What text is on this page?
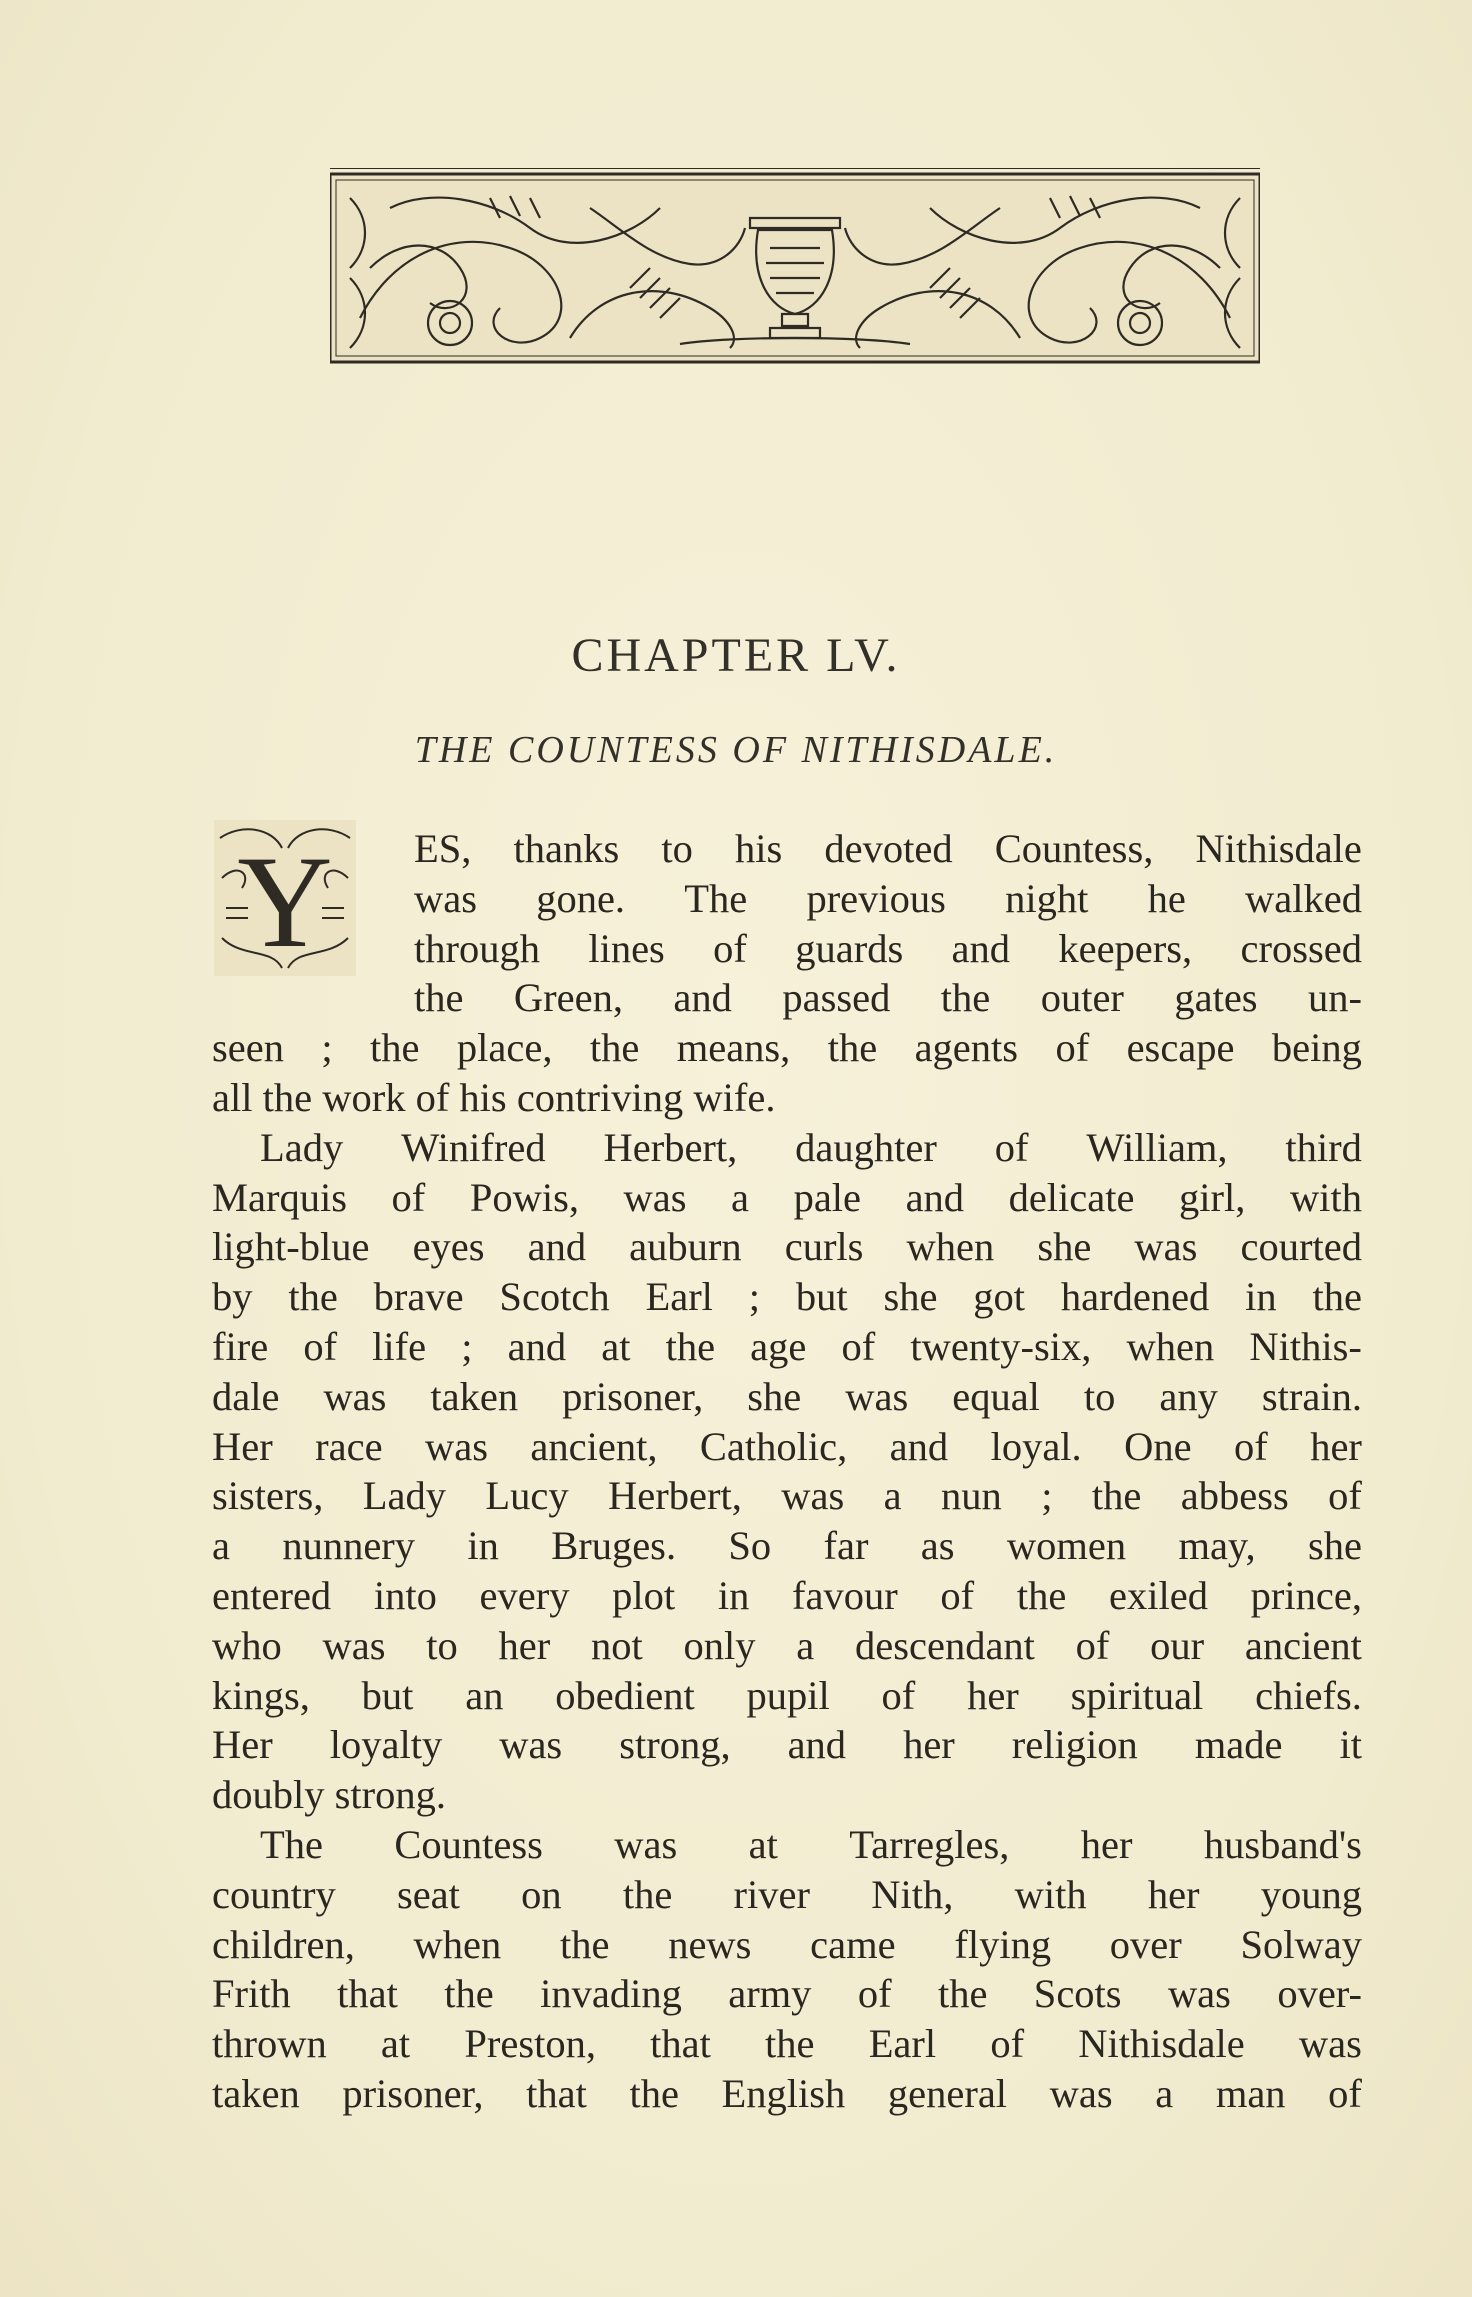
CHAPTER LV.
THE COUNTESS OF NITHISDALE.
Y ES, thanks to his devoted Countess, Nithisdale
was gone. The previous night he walked
through lines of guards and keepers, crossed
the Green, and passed the outer gates un-
seen ; the place, the means, the agents of escape being
all the work of his contriving wife.
Lady Winifred Herbert, daughter of William, third
Marquis of Powis, was a pale and delicate girl, with
light-blue eyes and auburn curls when she was courted
by the brave Scotch Earl ; but she got hardened in the
fire of life ; and at the age of twenty-six, when Nithis-
dale was taken prisoner, she was equal to any strain.
Her race was ancient, Catholic, and loyal. One of her
sisters, Lady Lucy Herbert, was a nun ; the abbess of
a nunnery in Bruges. So far as women may, she
entered into every plot in favour of the exiled prince,
who was to her not only a descendant of our ancient
kings, but an obedient pupil of her spiritual chiefs.
Her loyalty was strong, and her religion made it
doubly strong.
The Countess was at Tarregles, her husband's
country seat on the river Nith, with her young
children, when the news came flying over Solway
Frith that the invading army of the Scots was over-
thrown at Preston, that the Earl of Nithisdale was
taken prisoner, that the English general was a man of
